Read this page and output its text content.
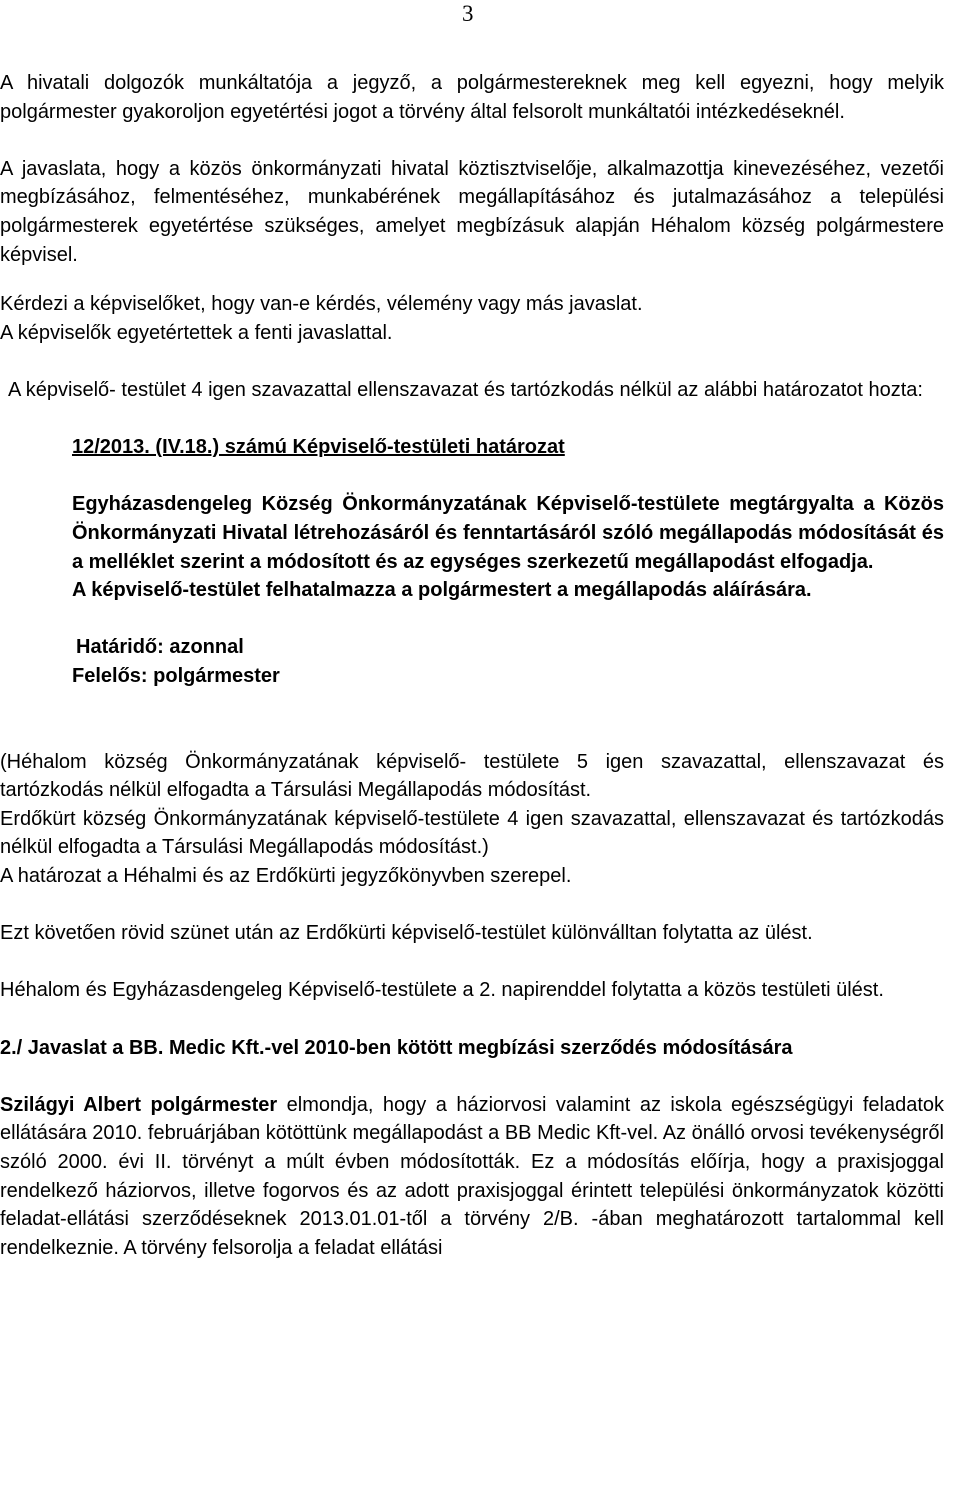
3

A hivatali dolgozók munkáltatója a jegyző, a polgármestereknek meg kell egyezni, hogy melyik polgármester gyakoroljon egyetértési jogot a törvény által felsorolt munkáltatói intézkedéseknél.

A javaslata, hogy a közös önkormányzati hivatal köztisztviselője, alkalmazottja kinevezéséhez, vezetői megbízásához, felmentéséhez, munkabérének megállapításához és jutalmazásához a települési polgármesterek egyetértése szükséges, amelyet megbízásuk alapján Héhalom község polgármestere képvisel.

Kérdezi a képviselőket, hogy van-e kérdés, vélemény vagy más javaslat.

A képviselők egyetértettek a fenti javaslattal.

A képviselő- testület 4 igen szavazattal ellenszavazat és tartózkodás nélkül az alábbi határozatot hozta:

12/2013. (IV.18.) számú Képviselő-testületi határozat

Egyházasdengeleg Község Önkormányzatának Képviselő-testülete megtárgyalta a Közös Önkormányzati Hivatal létrehozásáról és fenntartásáról szóló megállapodás módosítását és a melléklet szerint a módosított és az egységes szerkezetű megállapodást elfogadja.

A képviselő-testület felhatalmazza a polgármestert a megállapodás aláírására.

Határidő: azonnal

Felelős: polgármester

(Héhalom község Önkormányzatának képviselő- testülete 5 igen szavazattal, ellenszavazat és tartózkodás nélkül elfogadta a Társulási Megállapodás módosítást.

Erdőkürt község Önkormányzatának képviselő-testülete 4 igen szavazattal, ellenszavazat és tartózkodás nélkül elfogadta a Társulási Megállapodás módosítást.)

A határozat a Héhalmi és az Erdőkürti jegyzőkönyvben szerepel.

Ezt követően rövid szünet után az Erdőkürti képviselő-testület különválltan folytatta az ülést.

Héhalom és Egyházasdengeleg Képviselő-testülete a 2. napirenddel folytatta a közös testületi ülést.

2./ Javaslat a BB. Medic Kft.-vel 2010-ben kötött megbízási szerződés módosítására

Szilágyi Albert polgármester elmondja, hogy a háziorvosi valamint az iskola egészségügyi feladatok ellátására 2010. februárjában kötöttünk megállapodást a BB Medic Kft-vel. Az önálló orvosi tevékenységről szóló 2000. évi II. törvényt a múlt évben módosították. Ez a módosítás előírja, hogy a praxisjoggal rendelkező háziorvos, illetve fogorvos és az adott praxisjoggal érintett települési önkormányzatok közötti feladat-ellátási szerződéseknek 2013.01.01-től a törvény 2/B. -ában meghatározott tartalommal kell rendelkeznie. A törvény felsorolja a feladat ellátási
